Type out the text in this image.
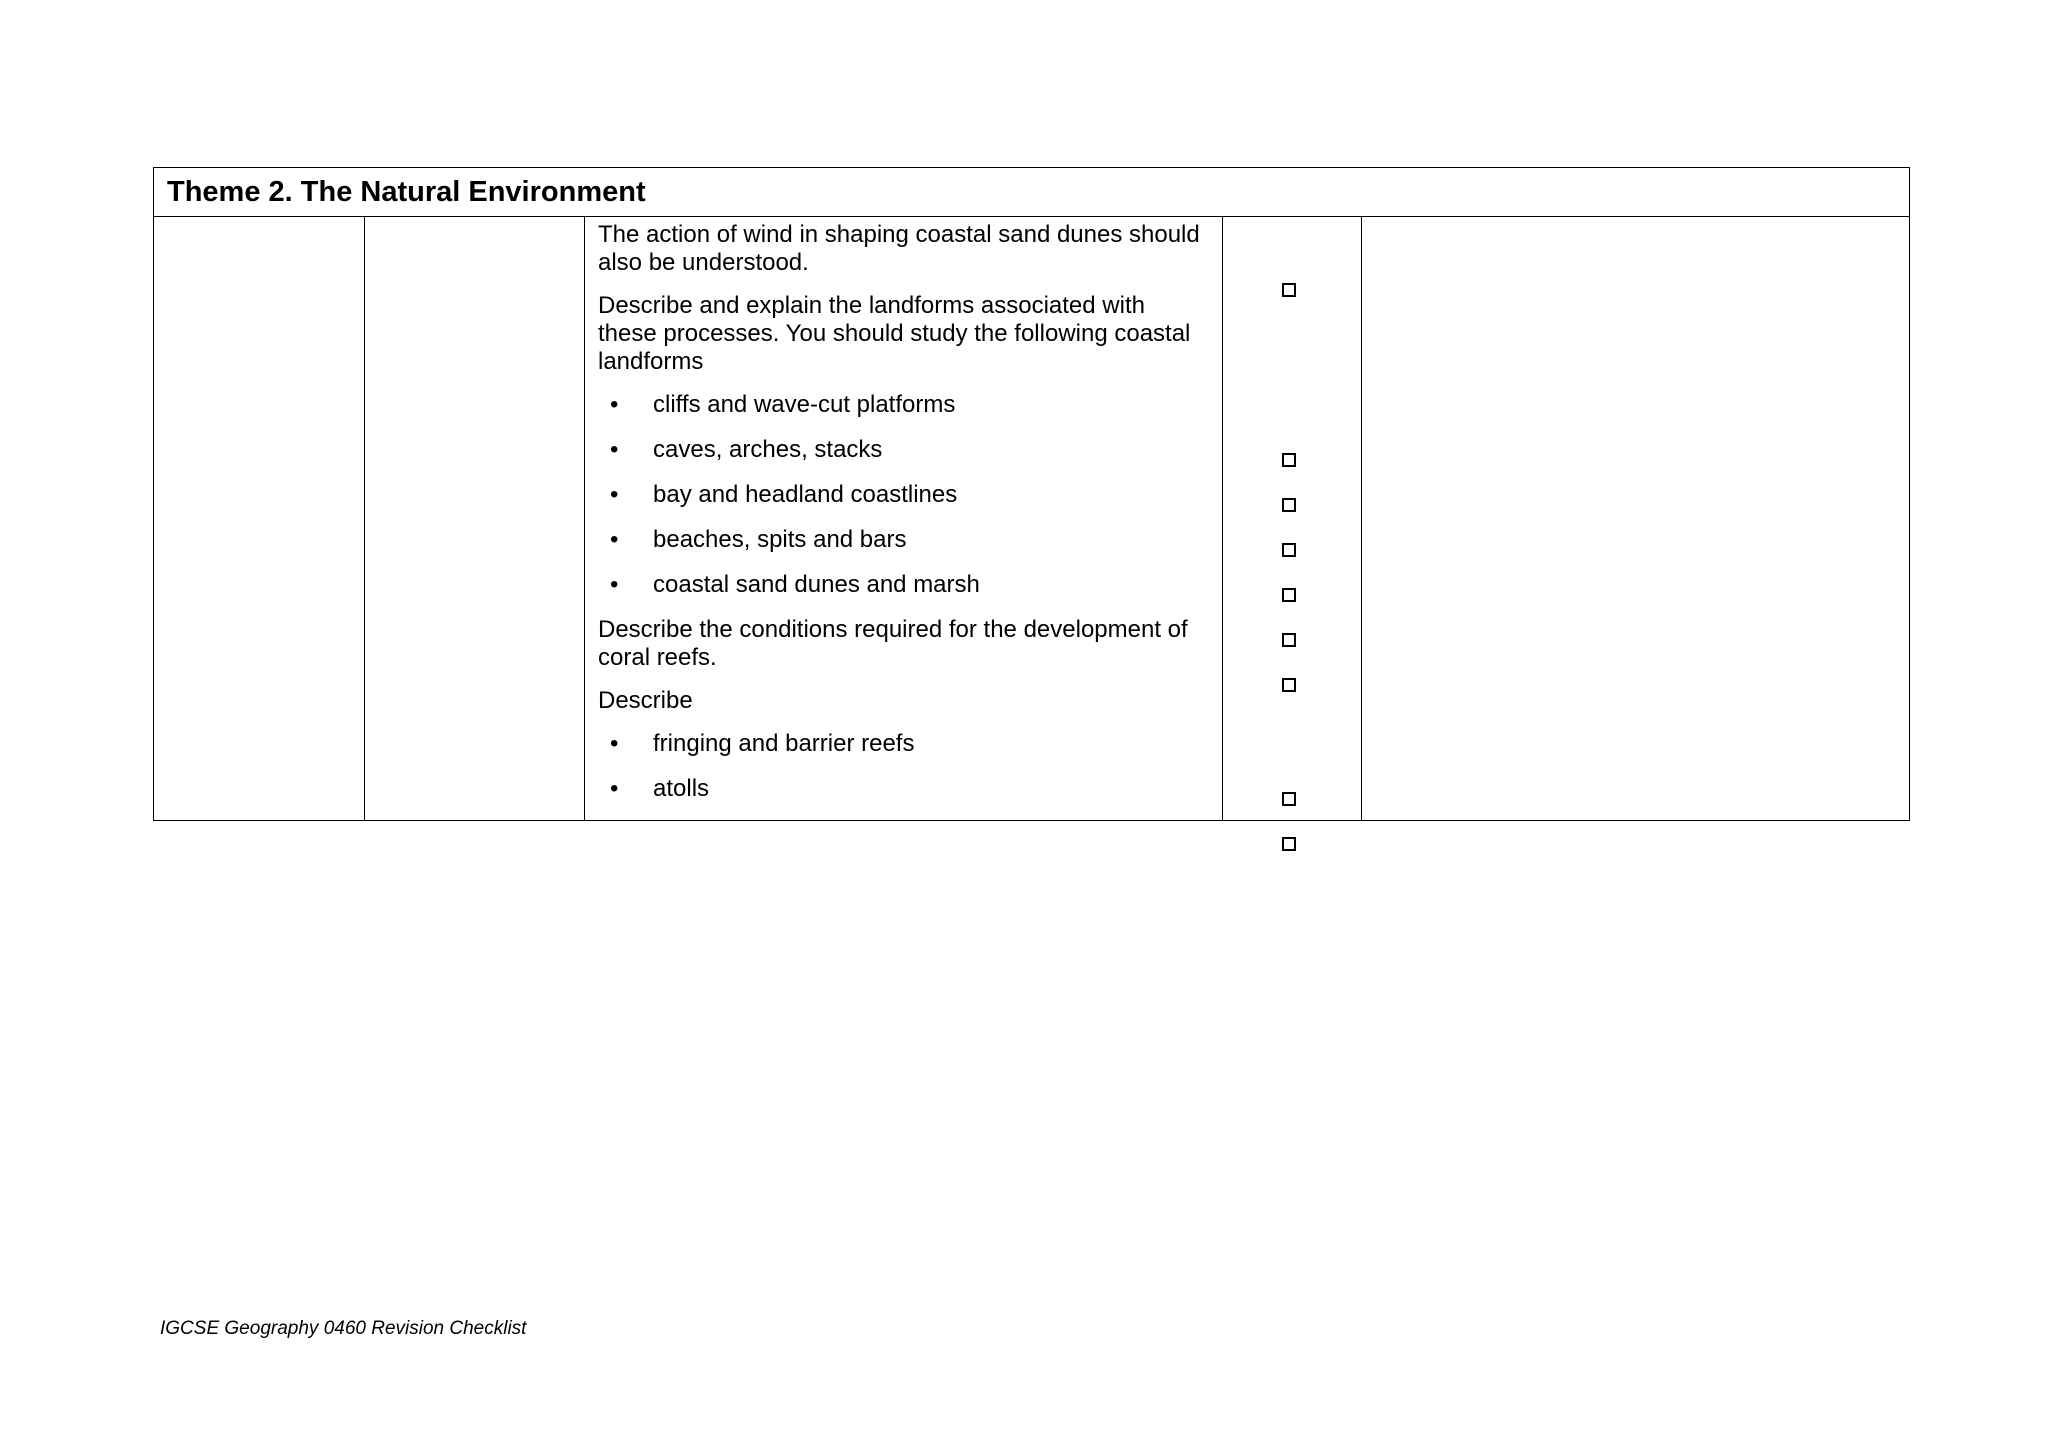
Theme 2. The Natural Environment

The action of wind in shaping coastal sand dunes should also be understood.
Describe and explain the landforms associated with these processes. You should study the following coastal landforms
• cliffs and wave-cut platforms
• caves, arches, stacks
• bay and headland coastlines
• beaches, spits and bars
• coastal sand dunes and marsh
Describe the conditions required for the development of coral reefs.
Describe
• fringing and barrier reefs
• atolls

IGCSE Geography 0460 Revision Checklist
